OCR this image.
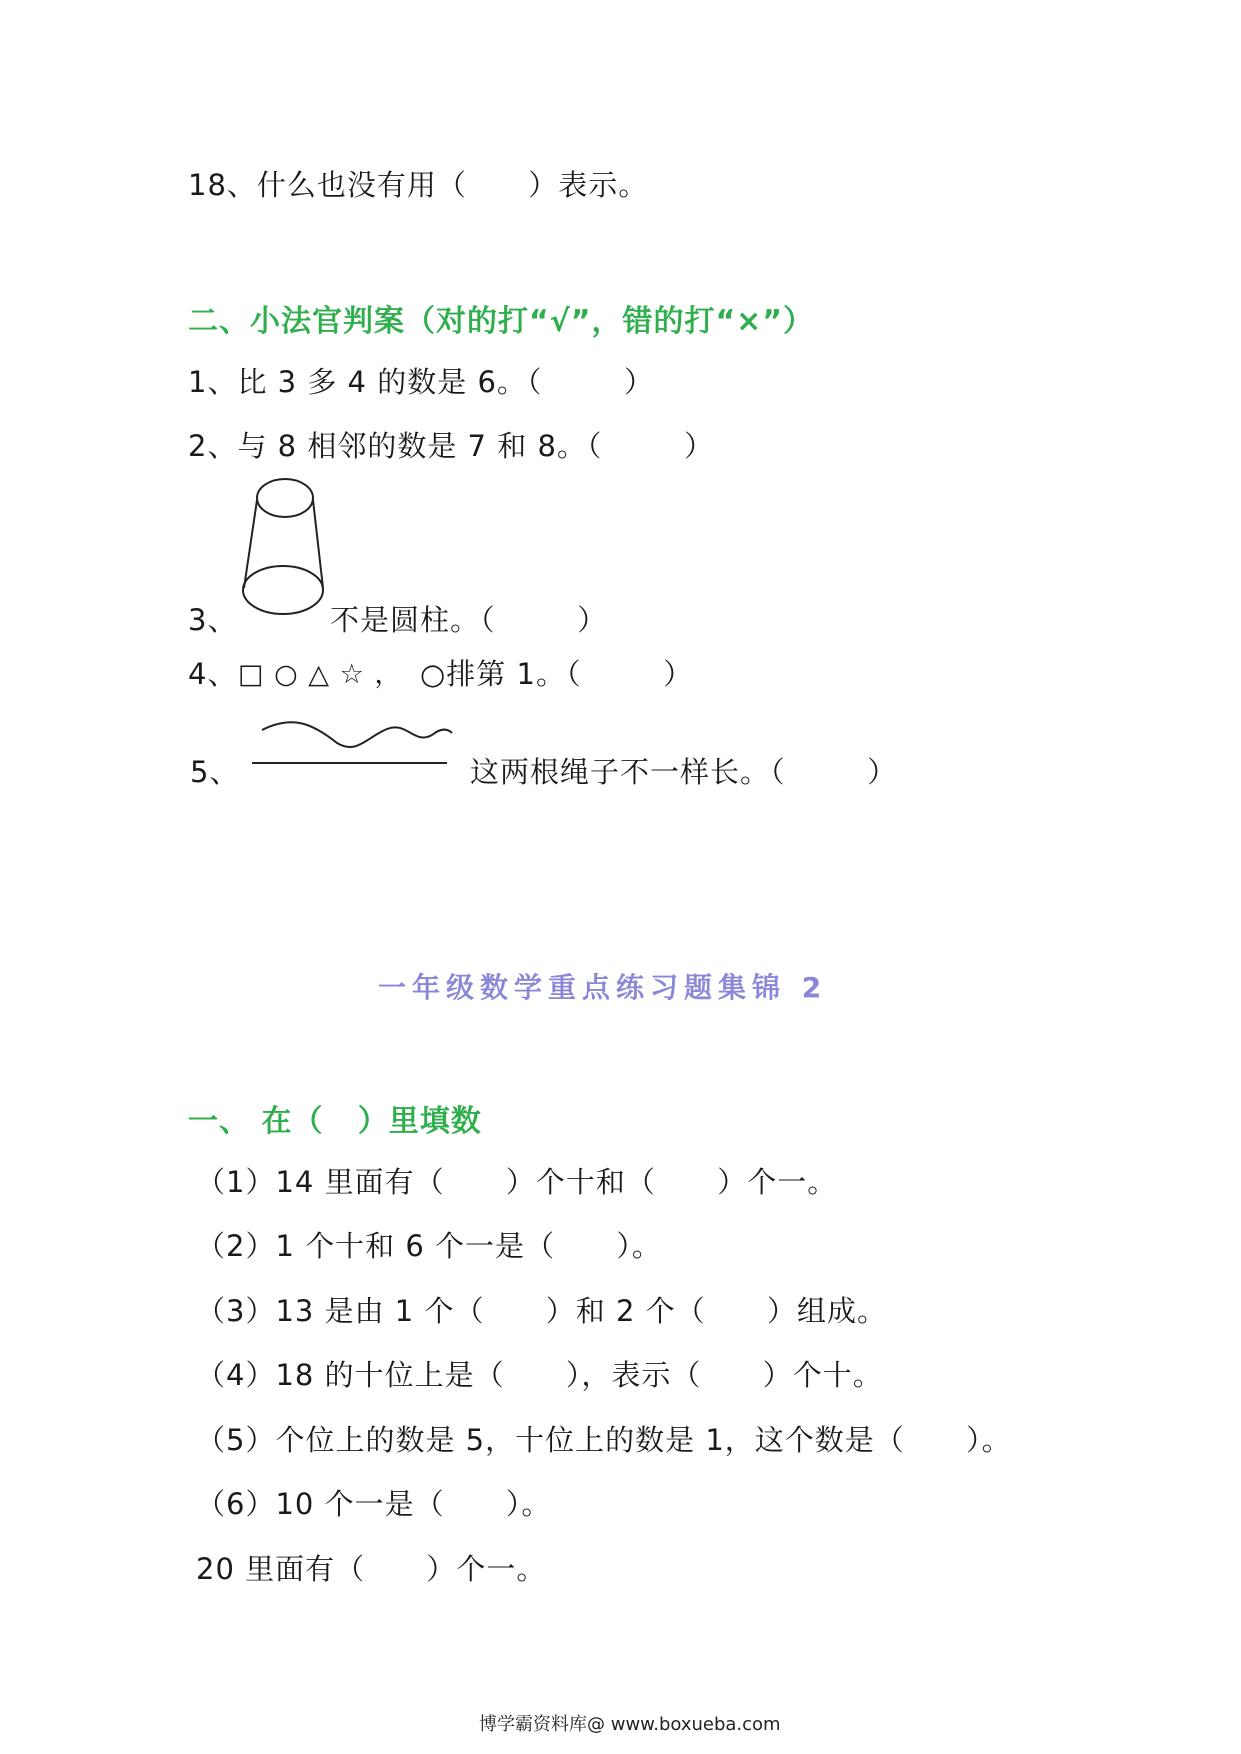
18、什么也没有用（      ）表示。
二、小法官判案（对的打“√”，错的打“×”）
1、比 3 多 4 的数是 6。（        ）
2、与 8 相邻的数是 7 和 8。（        ）
3、	不是圆柱。（        ）
4、 □ ○ △ ☆ ， ○排第 1。（        ）
5、	这两根绳子不一样长。（        ）
一年级数学重点练习题集锦 2
一、 在（   ）里填数
（1）14 里面有（      ）个十和（      ）个一。
（2）1 个十和 6 个一是（      ）。
（3）13 是由 1 个（      ）和 2 个（      ）组成。
（4）18 的十位上是（      ），表示（      ）个十。
（5）个位上的数是 5，十位上的数是 1，这个数是（      ）。
（6）10 个一是（      ）。
20 里面有（      ）个一。
博学霸资料库@ www.boxueba.com
